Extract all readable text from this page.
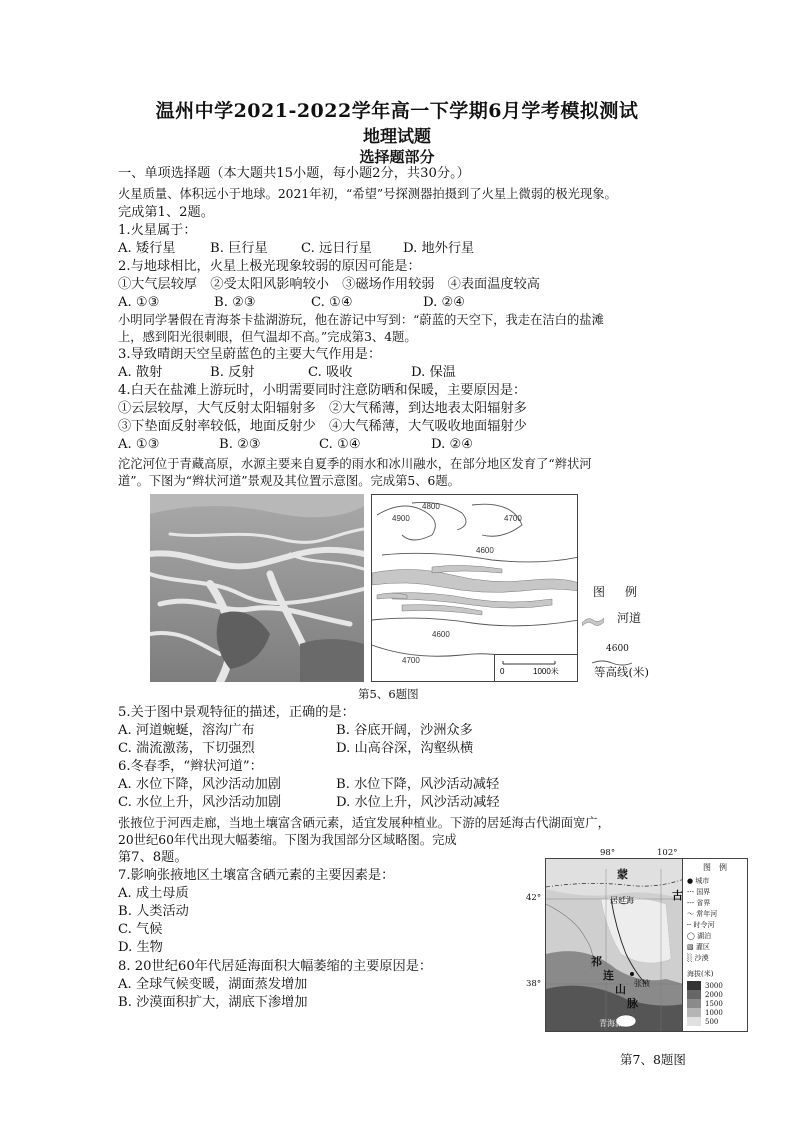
温州中学2021-2022学年高一下学期6月学考模拟测试
地理试题
选择题部分
一、单项选择题（本大题共15小题，每小题2分，共30分。）
火星质量、体积远小于地球。2021年初，“希望”号探测器拍摄到了火星上微弱的极光现象。
完成第1、2题。
1.火星属于：
A. 矮行星	B. 巨行星	C. 远日行星 D. 地外行星
2.与地球相比，火星上极光现象较弱的原因可能是：
①大气层较厚　②受太阳风影响较小　③磁场作用较弱　④表面温度较高
A. ①③	B. ②③	C. ①④	D. ②④
小明同学暑假在青海茶卡盐湖游玩，他在游记中写到：“蔚蓝的天空下，我走在洁白的盐滩
上，感到阳光很刺眼，但气温却不高。”完成第3、4题。
3.导致晴朗天空呈蔚蓝色的主要大气作用是：
A. 散射	B. 反射	C. 吸收	D. 保温
4.白天在盐滩上游玩时，小明需要同时注意防晒和保暖，主要原因是：
①云层较厚，大气反射太阳辐射多　②大气稀薄，到达地表太阳辐射多
③下垫面反射率较低，地面反射少　④大气稀薄，大气吸收地面辐射少
A. ①③	B. ②③	C. ①④	D. ②④
沱沱河位于青藏高原，水源主要来自夏季的雨水和冰川融水，在部分地区发育了“辫状河
道”。下图为“辫状河道”景观及其位置示意图。完成第5、6题。
4900
4800
4700
4600
4600
4700
0	1000米
图　例
河道
4600
等高线(米)
第5、6题图
5.关于图中景观特征的描述，正确的是：
A. 河道蜿蜒，溶沟广布	B. 谷底开阔，沙洲众多
C. 湍流激荡，下切强烈	D. 山高谷深，沟壑纵横
6.冬春季，“辫状河道”：
A. 水位下降，风沙活动加剧	B. 水位下降，风沙活动减轻
C. 水位上升，风沙活动加剧	D. 水位上升，风沙活动减轻
张掖位于河西走廊，当地土壤富含硒元素，适宜发展种植业。下游的居延海古代湖面宽广，
20世纪60年代出现大幅萎缩。下图为我国部分区域略图。完成
第7、8题。
7.影响张掖地区土壤富含硒元素的主要因素是：
A. 成土母质
B. 人类活动
C. 气候
D. 生物
8. 20世纪60年代居延海面积大幅萎缩的主要原因是：
A. 全球气候变暖，湖面蒸发增加
B. 沙漠面积扩大，湖底下渗增加
98°	102°
42°
38°
蒙
古
居延海
祁
连
山
脉
张掖
青海湖
图　例
● 城市
-·- 国界
--- 省界
～ 常年河
┄ 时令河
◯ 湖泊
▧ 灌区
░ 沙漠
海拔(米)
3000
2000
1500
1000
500
第7、8题图
